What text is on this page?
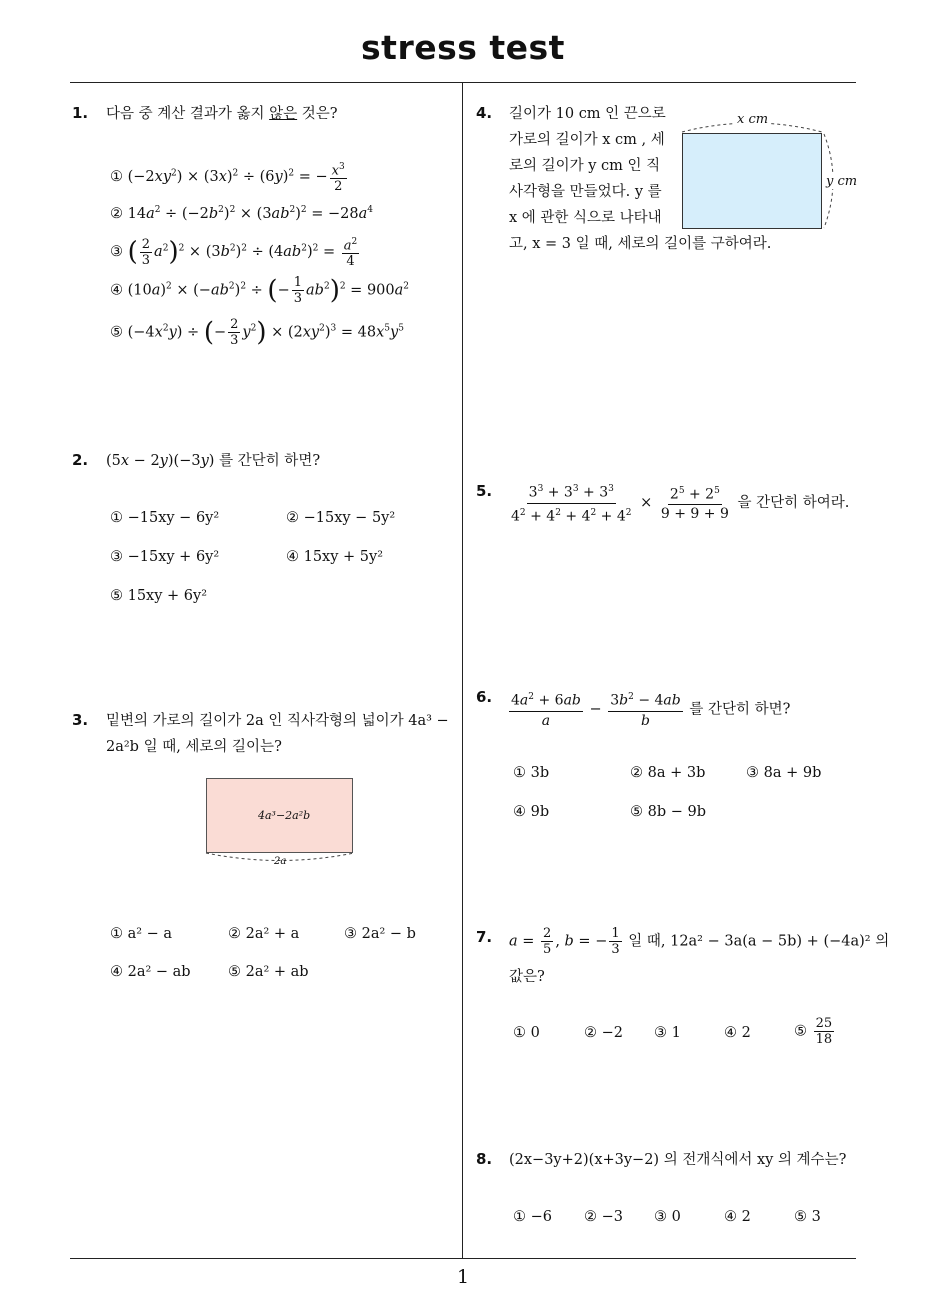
stress test
1
1. 다음 중 계산 결과가 옳지 않은 것은?
① $(-2xy^2) \times (3x)^2 \div (6y)^2$ = − $\frac{x^3}{2}$
② $14a^2 \div (-2b^2)^2 \times (3ab^2)^2 = -28a^4$
③ ( $\frac{2}{3} a^2)^2 \times (3b^2)^2 \div (4ab^2)^2 = \frac{a^2}{4}$
④ $(10a)^2 \times (-ab^2)^2$ ÷ (− $\frac{1}{3} ab^2)^2 = 900a^2$
⑤ $(-4x^2y)$ ÷ (− $\frac{2}{3} y^2) \times (2xy^2)^3 = 48x^5y^5$
2. (5x − 2y)(−3y) 를 간단히 하면?
① −15xy − 6y²	② −15xy − 5y²
③ −15xy + 6y²	④ 15xy + 5y²
⑤ 15xy + 6y²
3. 밑변의 가로의 길이가 2a 인 직사각형의 넓이가 4a³ −
2a²b 일 때, 세로의 길이는?
4a³−2a²b
2a
① a² − a	② 2a² + a	③ 2a² − b
④ 2a² − ab	⑤ 2a² + ab
4. 길이가 10 cm 인 끈으로
가로의 길이가 x cm , 세
로의 길이가 y cm 인 직
사각형을 만들었다. y 를
x 에 관한 식으로 나타내
고, x = 3 일 때, 세로의 길이를 구하여라.
x cm
y cm
5. $\frac{3^3 + 3^3 + 3^3}{4^2 + 4^2 + 4^2 + 4^2} \times \frac{2^5 + 2^5}{9 + 9 + 9}$ 을 간단히 하여라.
6. $\frac{4a^2 + 6ab}{a} - \frac{3b^2 - 4ab}{b}$ 를 간단히 하면?
① 3b	② 8a + 3b	③ 8a + 9b
④ 9b	⑤ 8b − 9b
7. $a = \frac{2}{5}$ , b = − $\frac{1}{3}$ 일 때, 12a² − 3a(a − 5b) + (−4a)² 의
값은?
① 0	② −2 ③ 1	④ 2	⑤ $\frac{25}{18}$
8. (2x−3y+2)(x+3y−2) 의 전개식에서 xy 의 계수는?
① −6 ② −3 ③ 0	④ 2	⑤ 3
